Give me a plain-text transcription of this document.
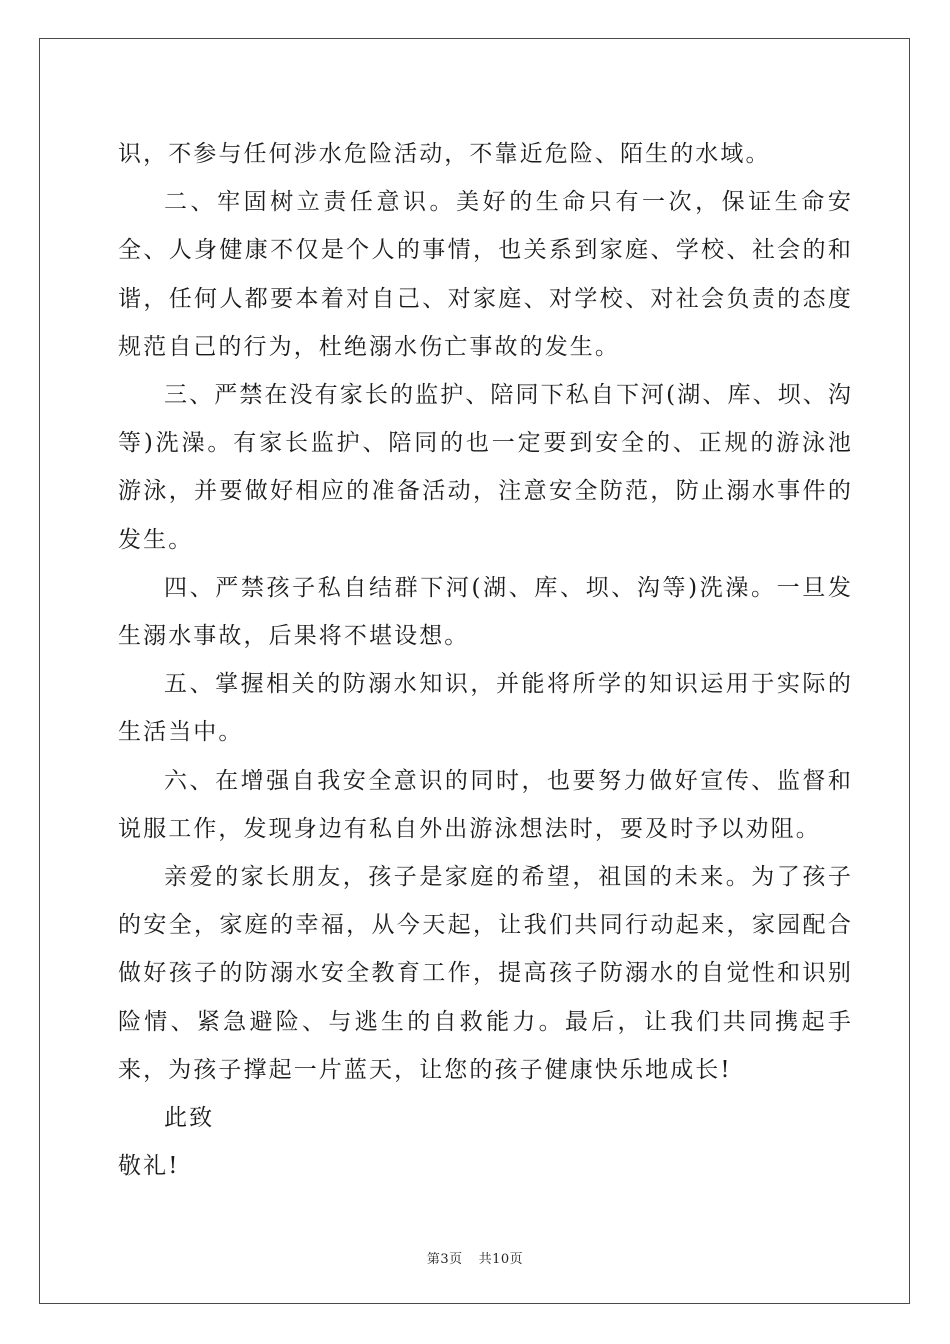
识，不参与任何涉水危险活动，不靠近危险、陌生的水域。

二、牢固树立责任意识。美好的生命只有一次，保证生命安全、人身健康不仅是个人的事情，也关系到家庭、学校、社会的和谐，任何人都要本着对自己、对家庭、对学校、对社会负责的态度规范自己的行为，杜绝溺水伤亡事故的发生。

三、严禁在没有家长的监护、陪同下私自下河(湖、库、坝、沟等)洗澡。有家长监护、陪同的也一定要到安全的、正规的游泳池游泳，并要做好相应的准备活动，注意安全防范，防止溺水事件的发生。

四、严禁孩子私自结群下河(湖、库、坝、沟等)洗澡。一旦发生溺水事故，后果将不堪设想。

五、掌握相关的防溺水知识，并能将所学的知识运用于实际的生活当中。

六、在增强自我安全意识的同时，也要努力做好宣传、监督和说服工作，发现身边有私自外出游泳想法时，要及时予以劝阻。

亲爱的家长朋友，孩子是家庭的希望，祖国的未来。为了孩子的安全，家庭的幸福，从今天起，让我们共同行动起来，家园配合做好孩子的防溺水安全教育工作，提高孩子防溺水的自觉性和识别险情、紧急避险、与逃生的自救能力。最后，让我们共同携起手来，为孩子撑起一片蓝天，让您的孩子健康快乐地成长!

此致

敬礼!

第3页 共10页
